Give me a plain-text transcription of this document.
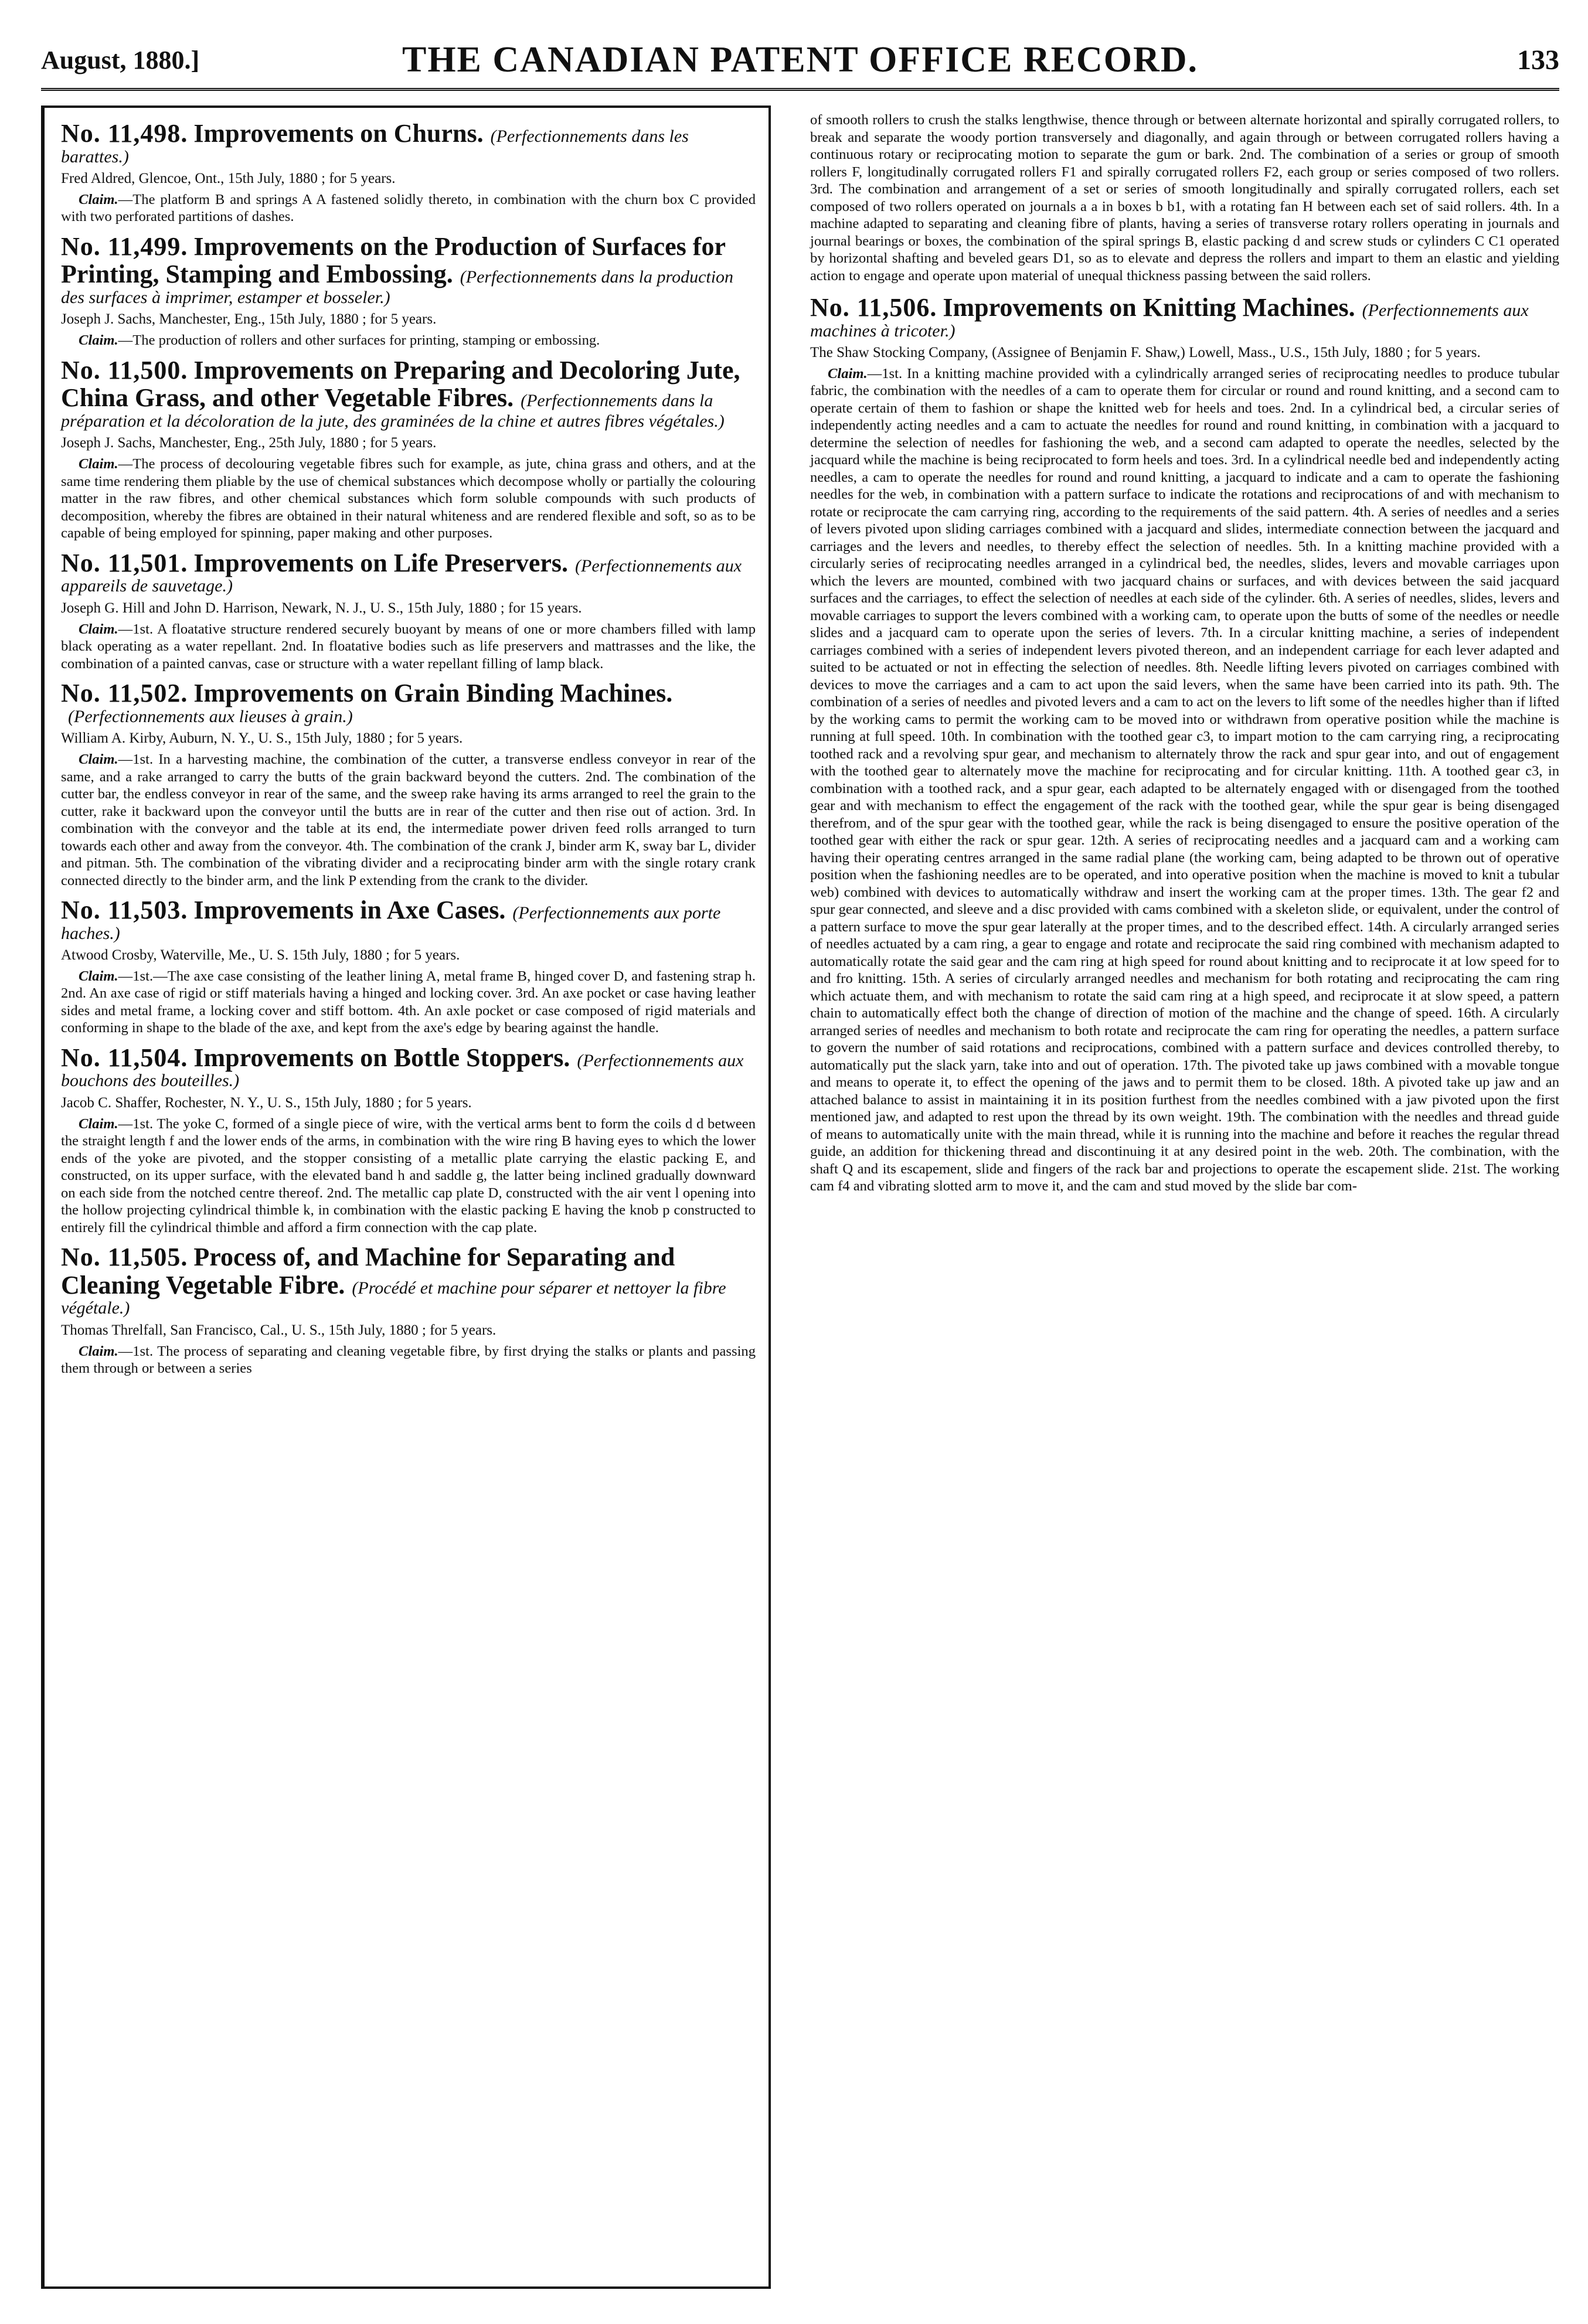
August, 1880.]	THE CANADIAN PATENT OFFICE RECORD.	133

No. 11,498. Improvements on Churns. (Perfectionnements dans les barattes.)

Fred Aldred, Glencoe, Ont., 15th July, 1880 ; for 5 years.

Claim.—The platform B and springs A A fastened solidly thereto, in combination with the churn box C provided with two perforated partitions of dashes.

No. 11,499. Improvements on the Production of Surfaces for Printing, Stamping and Embossing. (Perfectionnements dans la production des surfaces à imprimer, estamper et bosseler.)

Joseph J. Sachs, Manchester, Eng., 15th July, 1880 ; for 5 years.

Claim.—The production of rollers and other surfaces for printing, stamping or embossing.

No. 11,500. Improvements on Preparing and Decoloring Jute, China Grass, and other Vegetable Fibres. (Perfectionnements dans la préparation et la décoloration de la jute, des graminées de la chine et autres fibres végétales.)

Joseph J. Sachs, Manchester, Eng., 25th July, 1880 ; for 5 years.

Claim.—The process of decolouring vegetable fibres such for example, as jute, china grass and others, and at the same time rendering them pliable by the use of chemical substances which decompose wholly or partially the colouring matter in the raw fibres, and other chemical substances which form soluble compounds with such products of decomposition, whereby the fibres are obtained in their natural whiteness and are rendered flexible and soft, so as to be capable of being employed for spinning, paper making and other purposes.

No. 11,501. Improvements on Life Preservers. (Perfectionnements aux appareils de sauvetage.)

Joseph G. Hill and John D. Harrison, Newark, N. J., U. S., 15th July, 1880 ; for 15 years.

Claim.—1st. A floatative structure rendered securely buoyant by means of one or more chambers filled with lamp black operating as a water repellant. 2nd. In floatative bodies such as life preservers and mattrasses and the like, the combination of a painted canvas, case or structure with a water repellant filling of lamp black.

No. 11,502. Improvements on Grain Binding Machines.(Perfectionnements aux lieuses à grain.)

William A. Kirby, Auburn, N. Y., U. S., 15th July, 1880 ; for 5 years.

Claim.—1st. In a harvesting machine, the combination of the cutter, a transverse endless conveyor in rear of the same, and a rake arranged to carry the butts of the grain backward beyond the cutters. 2nd. The combination of the cutter bar, the endless conveyor in rear of the same, and the sweep rake having its arms arranged to reel the grain to the cutter, rake it backward upon the conveyor until the butts are in rear of the cutter and then rise out of action. 3rd. In combination with the conveyor and the table at its end, the intermediate power driven feed rolls arranged to turn towards each other and away from the conveyor. 4th. The combination of the crank J, binder arm K, sway bar L, divider and pitman. 5th. The combination of the vibrating divider and a reciprocating binder arm with the single rotary crank connected directly to the binder arm, and the link P extending from the crank to the divider.

No. 11,503. Improvements in Axe Cases. (Perfectionnements aux porte haches.)

Atwood Crosby, Waterville, Me., U. S. 15th July, 1880 ; for 5 years.

Claim.—1st.—The axe case consisting of the leather lining A, metal frame B, hinged cover D, and fastening strap h. 2nd. An axe case of rigid or stiff materials having a hinged and locking cover. 3rd. An axe pocket or case having leather sides and metal frame, a locking cover and stiff bottom. 4th. An axle pocket or case composed of rigid materials and conforming in shape to the blade of the axe, and kept from the axe's edge by bearing against the handle.

No. 11,504. Improvements on Bottle Stoppers. (Perfectionnements aux bouchons des bouteilles.)

Jacob C. Shaffer, Rochester, N. Y., U. S., 15th July, 1880 ; for 5 years.

Claim.—1st. The yoke C, formed of a single piece of wire, with the vertical arms bent to form the coils d d between the straight length f and the lower ends of the arms, in combination with the wire ring B having eyes to which the lower ends of the yoke are pivoted, and the stopper consisting of a metallic plate carrying the elastic packing E, and constructed, on its upper surface, with the elevated band h and saddle g, the latter being inclined gradually downward on each side from the notched centre thereof. 2nd. The metallic cap plate D, constructed with the air vent l opening into the hollow projecting cylindrical thimble k, in combination with the elastic packing E having the knob p constructed to entirely fill the cylindrical thimble and afford a firm connection with the cap plate.

No. 11,505. Process of, and Machine for Separating and Cleaning Vegetable Fibre. (Procédé et machine pour séparer et nettoyer la fibre végétale.)

Thomas Threlfall, San Francisco, Cal., U. S., 15th July, 1880 ; for 5 years.

Claim.—1st. The process of separating and cleaning vegetable fibre, by first drying the stalks or plants and passing them through or between a series

of smooth rollers to crush the stalks lengthwise, thence through or between alternate horizontal and spirally corrugated rollers, to break and separate the woody portion transversely and diagonally, and again through or between corrugated rollers having a continuous rotary or reciprocating motion to separate the gum or bark. 2nd. The combination of a series or group of smooth rollers F, longitudinally corrugated rollers F1 and spirally corrugated rollers F2, each group or series composed of two rollers. 3rd. The combination and arrangement of a set or series of smooth longitudinally and spirally corrugated rollers, each set composed of two rollers operated on journals a a in boxes b b1, with a rotating fan H between each set of said rollers. 4th. In a machine adapted to separating and cleaning fibre of plants, having a series of transverse rotary rollers operating in journals and journal bearings or boxes, the combination of the spiral springs B, elastic packing d and screw studs or cylinders C C1 operated by horizontal shafting and beveled gears D1, so as to elevate and depress the rollers and impart to them an elastic and yielding action to engage and operate upon material of unequal thickness passing between the said rollers.

No. 11,506. Improvements on Knitting Machines. (Perfectionnements aux machines à tricoter.)

The Shaw Stocking Company, (Assignee of Benjamin F. Shaw,) Lowell, Mass., U.S., 15th July, 1880 ; for 5 years.

Claim.—1st. In a knitting machine provided with a cylindrically arranged series of reciprocating needles to produce tubular fabric, the combination with the needles of a cam to operate them for circular or round and round knitting, and a second cam to operate certain of them to fashion or shape the knitted web for heels and toes. 2nd. In a cylindrical bed, a circular series of independently acting needles and a cam to actuate the needles for round and round knitting, in combination with a jacquard to determine the selection of needles for fashioning the web, and a second cam adapted to operate the needles, selected by the jacquard while the machine is being reciprocated to form heels and toes. 3rd. In a cylindrical needle bed and independently acting needles, a cam to operate the needles for round and round knitting, a jacquard to indicate and a cam to operate the fashioning needles for the web, in combination with a pattern surface to indicate the rotations and reciprocations of and with mechanism to rotate or reciprocate the cam carrying ring, according to the requirements of the said pattern. 4th. A series of needles and a series of levers pivoted upon sliding carriages combined with a jacquard and slides, intermediate connection between the jacquard and carriages and the levers and needles, to thereby effect the selection of needles. 5th. In a knitting machine provided with a circularly series of reciprocating needles arranged in a cylindrical bed, the needles, slides, levers and movable carriages upon which the levers are mounted, combined with two jacquard chains or surfaces, and with devices between the said jacquard surfaces and the carriages, to effect the selection of needles at each side of the cylinder. 6th. A series of needles, slides, levers and movable carriages to support the levers combined with a working cam, to operate upon the butts of some of the needles or needle slides and a jacquard cam to operate upon the series of levers. 7th. In a circular knitting machine, a series of independent carriages combined with a series of independent levers pivoted thereon, and an independent carriage for each lever adapted and suited to be actuated or not in effecting the selection of needles. 8th. Needle lifting levers pivoted on carriages combined with devices to move the carriages and a cam to act upon the said levers, when the same have been carried into its path. 9th. The combination of a series of needles and pivoted levers and a cam to act on the levers to lift some of the needles higher than if lifted by the working cams to permit the working cam to be moved into or withdrawn from operative position while the machine is running at full speed. 10th. In combination with the toothed gear c3, to impart motion to the cam carrying ring, a reciprocating toothed rack and a revolving spur gear, and mechanism to alternately throw the rack and spur gear into, and out of engagement with the toothed gear to alternately move the machine for reciprocating and for circular knitting. 11th. A toothed gear c3, in combination with a toothed rack, and a spur gear, each adapted to be alternately engaged with or disengaged from the toothed gear and with mechanism to effect the engagement of the rack with the toothed gear, while the spur gear is being disengaged therefrom, and of the spur gear with the toothed gear, while the rack is being disengaged to ensure the positive operation of the toothed gear with either the rack or spur gear. 12th. A series of reciprocating needles and a jacquard cam and a working cam having their operating centres arranged in the same radial plane (the working cam, being adapted to be thrown out of operative position when the fashioning needles are to be operated, and into operative position when the machine is moved to knit a tubular web) combined with devices to automatically withdraw and insert the working cam at the proper times. 13th. The gear f2 and spur gear connected, and sleeve and a disc provided with cams combined with a skeleton slide, or equivalent, under the control of a pattern surface to move the spur gear laterally at the proper times, and to the described effect. 14th. A circularly arranged series of needles actuated by a cam ring, a gear to engage and rotate and reciprocate the said ring combined with mechanism adapted to automatically rotate the said gear and the cam ring at high speed for round about knitting and to reciprocate it at low speed for to and fro knitting. 15th. A series of circularly arranged needles and mechanism for both rotating and reciprocating the cam ring which actuate them, and with mechanism to rotate the said cam ring at a high speed, and reciprocate it at slow speed, a pattern chain to automatically effect both the change of direction of motion of the machine and the change of speed. 16th. A circularly arranged series of needles and mechanism to both rotate and reciprocate the cam ring for operating the needles, a pattern surface to govern the number of said rotations and reciprocations, combined with a pattern surface and devices controlled thereby, to automatically put the slack yarn, take into and out of operation. 17th. The pivoted take up jaws combined with a movable tongue and means to operate it, to effect the opening of the jaws and to permit them to be closed. 18th. A pivoted take up jaw and an attached balance to assist in maintaining it in its position furthest from the needles combined with a jaw pivoted upon the first mentioned jaw, and adapted to rest upon the thread by its own weight. 19th. The combination with the needles and thread guide of means to automatically unite with the main thread, while it is running into the machine and before it reaches the regular thread guide, an addition for thickening thread and discontinuing it at any desired point in the web. 20th. The combination, with the shaft Q and its escapement, slide and fingers of the rack bar and projections to operate the escapement slide. 21st. The working cam f4 and vibrating slotted arm to move it, and the cam and stud moved by the slide bar com-
